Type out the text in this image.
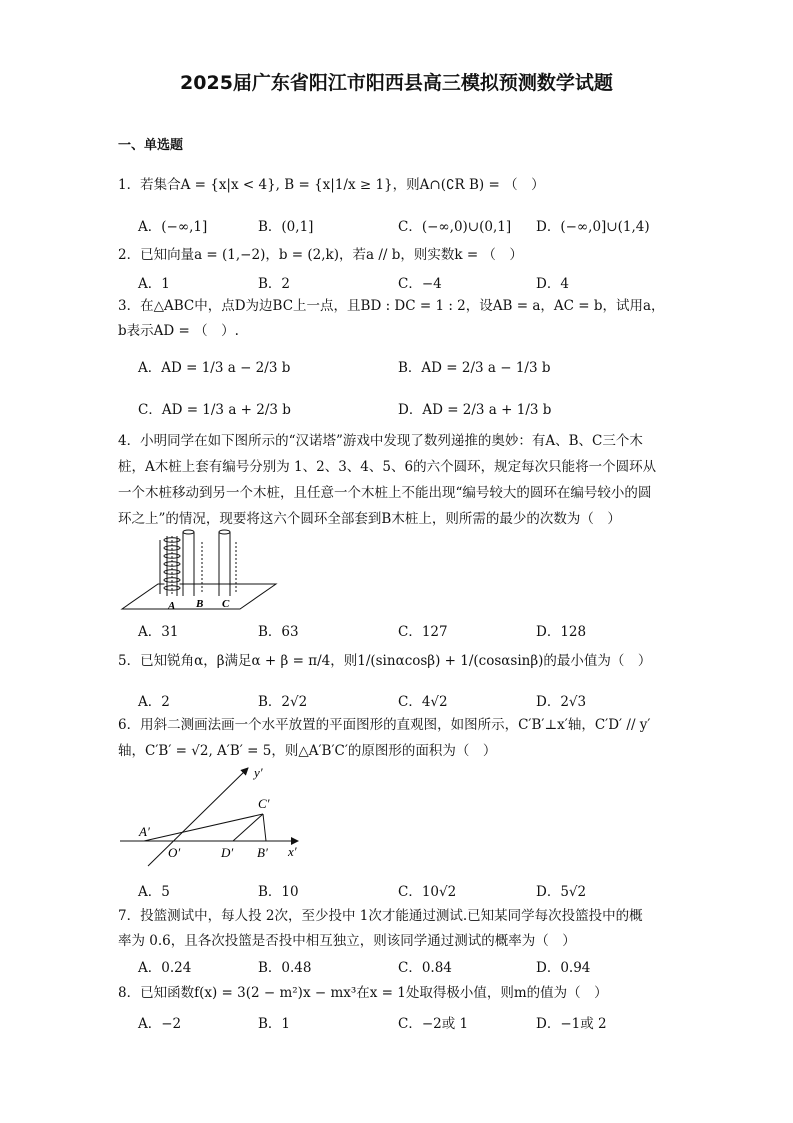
2025届广东省阳江市阳西县高三模拟预测数学试题
一、单选题
1．若集合A = {x|x < 4}, B = {x|1/x ≥ 1}，则A∩(∁R B) = （　）
A．(−∞,1]	B．(0,1]	C．(−∞,0)∪(0,1] D．(−∞,0]∪(1,4)
2．已知向量a = (1,−2)，b = (2,k)，若a // b，则实数k = （　）
A．1	B．2	C．−4	D．4
3．在△ABC中，点D为边BC上一点，且BD : DC = 1 : 2，设AB = a，AC = b，试用a，
b表示AD = （　）.
A．AD = 1/3 a − 2/3 b	B．AD = 2/3 a − 1/3 b
C．AD = 1/3 a + 2/3 b	D．AD = 2/3 a + 1/3 b
4．小明同学在如下图所示的“汉诺塔”游戏中发现了数列递推的奥妙：有A、B、C三个木
桩，A木桩上套有编号分别为 1、2、3、4、5、6的六个圆环，规定每次只能将一个圆环从
一个木桩移动到另一个木桩，且任意一个木桩上不能出现“编号较大的圆环在编号较小的圆
环之上”的情况，现要将这六个圆环全部套到B木桩上，则所需的最少的次数为（　）
A B C
A．31	B．63	C．127	D．128
5．已知锐角α，β满足α + β = π/4，则1/(sinαcosβ) + 1/(cosαsinβ)的最小值为（　）
A．2	B．2√2	C．4√2	D．2√3
6．用斜二测画法画一个水平放置的平面图形的直观图，如图所示，C′B′⊥x′轴，C′D′ // y′
轴，C′B′ = √2, A′B′ = 5，则△A′B′C′的原图形的面积为（　）
y′
C′
A′
O′	D′ B′ x′
A．5	B．10	C．10√2	D．5√2
7．投篮测试中，每人投 2次，至少投中 1次才能通过测试.已知某同学每次投篮投中的概
率为 0.6，且各次投篮是否投中相互独立，则该同学通过测试的概率为（　）
A．0.24	B．0.48	C．0.84	D．0.94
8．已知函数f(x) = 3(2 − m²)x − mx³在x = 1处取得极小值，则m的值为（　）
A．−2	B．1	C．−2或 1	D．−1或 2
